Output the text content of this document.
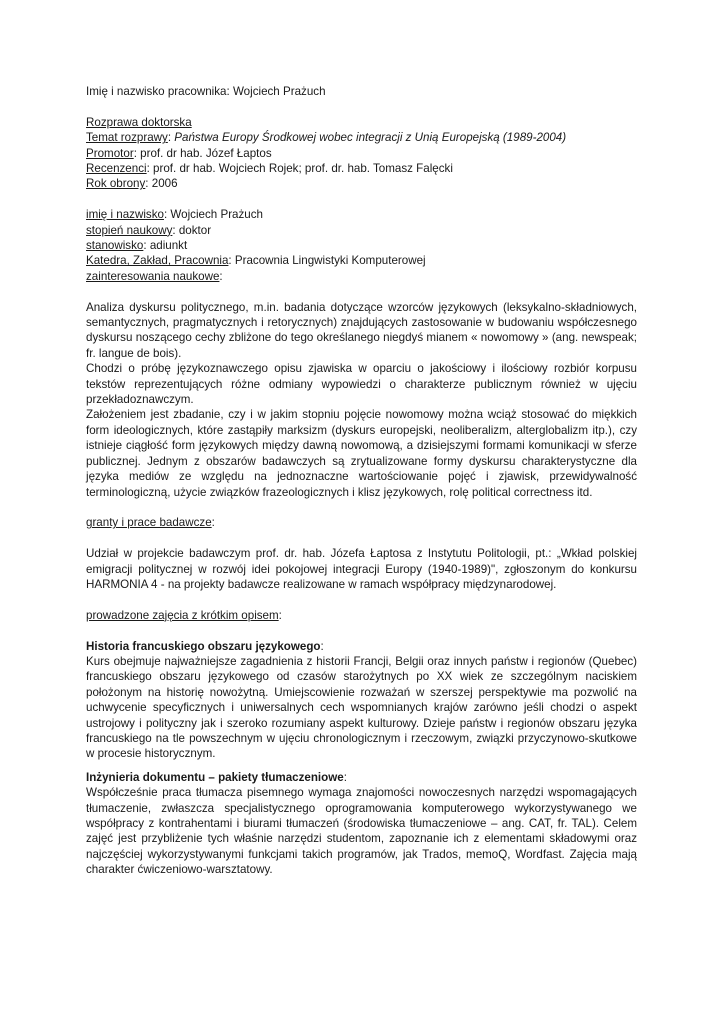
Imię i nazwisko pracownika: Wojciech Prażuch

Rozprawa doktorska

Temat rozprawy: Państwa Europy Środkowej wobec integracji z Unią Europejską (1989-2004)

Promotor: prof. dr hab. Józef Łaptos

Recenzenci: prof. dr hab. Wojciech Rojek; prof. dr. hab. Tomasz Falęcki

Rok obrony: 2006

imię i nazwisko: Wojciech Prażuch

stopień naukowy: doktor

stanowisko: adiunkt

Katedra, Zakład, Pracownia: Pracownia Lingwistyki Komputerowej

zainteresowania naukowe:

Analiza dyskursu politycznego, m.in. badania dotyczące wzorców językowych (leksykalno-składniowych, semantycznych, pragmatycznych i retorycznych) znajdujących zastosowanie w budowaniu współczesnego dyskursu noszącego cechy zbliżone do tego określanego niegdyś mianem « nowomowy » (ang. newspeak; fr. langue de bois).

Chodzi o próbę językoznawczego opisu zjawiska w oparciu o jakościowy i ilościowy rozbiór korpusu tekstów reprezentujących różne odmiany wypowiedzi o charakterze publicznym również w ujęciu przekładoznawczym.

Założeniem jest zbadanie, czy i w jakim stopniu pojęcie nowomowy można wciąż stosować do miękkich form ideologicznych, które zastąpiły marksizm (dyskurs europejski, neoliberalizm, alterglobalizm itp.), czy istnieje ciągłość form językowych między dawną nowomową, a dzisiejszymi formami komunikacji w sferze publicznej. Jednym z obszarów badawczych są zrytualizowane formy dyskursu charakterystyczne dla języka mediów ze względu na jednoznaczne wartościowanie pojęć i zjawisk, przewidywalność terminologiczną, użycie związków frazeologicznych i klisz językowych, rolę political correctness itd.

granty i prace badawcze:

Udział w projekcie badawczym prof. dr. hab. Józefa Łaptosa z Instytutu Politologii, pt.: „Wkład polskiej emigracji politycznej w rozwój idei pokojowej integracji Europy (1940-1989)", zgłoszonym do konkursu HARMONIA 4 - na projekty badawcze realizowane w ramach współpracy międzynarodowej.

prowadzone zajęcia z krótkim opisem:

Historia francuskiego obszaru językowego:

Kurs obejmuje najważniejsze zagadnienia z historii Francji, Belgii oraz innych państw i regionów (Quebec) francuskiego obszaru językowego od czasów starożytnych po XX wiek ze szczególnym naciskiem położonym na historię nowożytną. Umiejscowienie rozważań w szerszej perspektywie ma pozwolić na uchwycenie specyficznych i uniwersalnych cech wspomnianych krajów zarówno jeśli chodzi o aspekt ustrojowy i polityczny jak i szeroko rozumiany aspekt kulturowy. Dzieje państw i regionów obszaru języka francuskiego na tle powszechnym w ujęciu chronologicznym i rzeczowym, związki przyczynowo-skutkowe w procesie historycznym.

Inżynieria dokumentu – pakiety tłumaczeniowe:

Współcześnie praca tłumacza pisemnego wymaga znajomości nowoczesnych narzędzi wspomagających tłumaczenie, zwłaszcza specjalistycznego oprogramowania komputerowego wykorzystywanego we współpracy z kontrahentami i biurami tłumaczeń (środowiska tłumaczeniowe – ang. CAT, fr. TAL). Celem zajęć jest przybliżenie tych właśnie narzędzi studentom, zapoznanie ich z elementami składowymi oraz najczęściej wykorzystywanymi funkcjami takich programów, jak Trados, memoQ, Wordfast. Zajęcia mają charakter ćwiczeniowo-warsztatowy.
